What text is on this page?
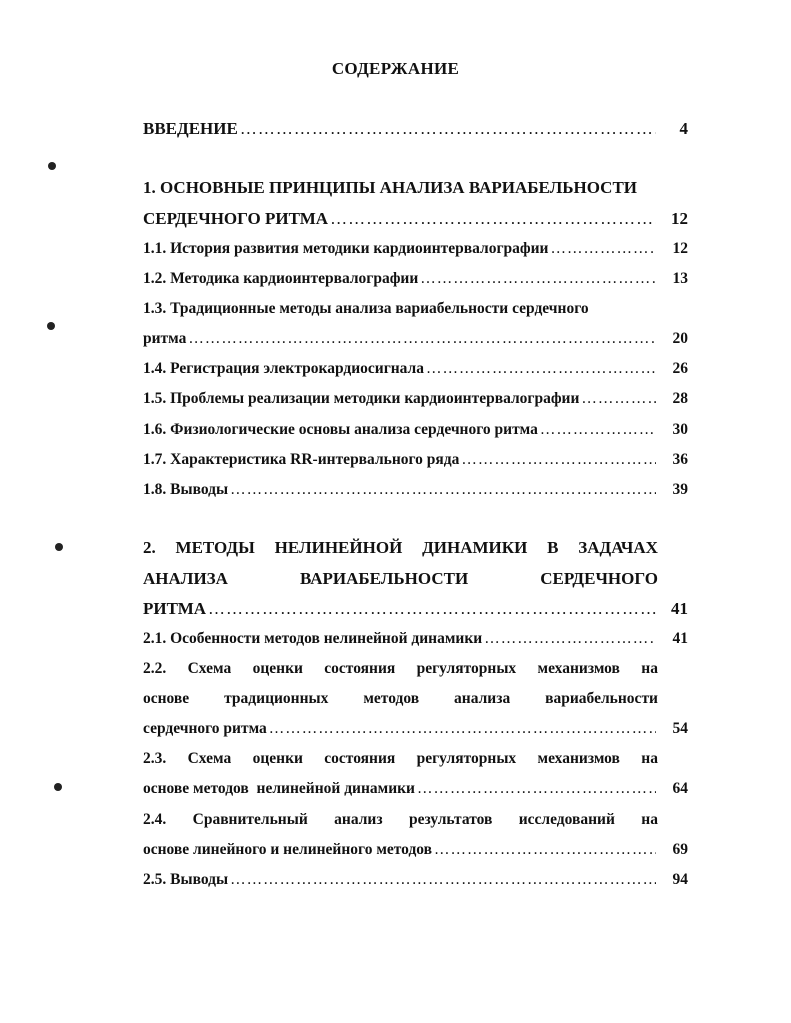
СОДЕРЖАНИЕ
ВВЕДЕНИЕ ………………………………………………………………………………………………………………………………………………………………	4
1. ОСНОВНЫЕ ПРИНЦИПЫ АНАЛИЗА ВАРИАБЕЛЬНОСТИ
СЕРДЕЧНОГО РИТМА ………………………………………………………………………………………………………………………………………………………………	12
1.1. История развития методики кардиоинтервалографии ………………………………………………………………………………………………………………………………………………………………	12
1.2. Методика кардиоинтервалографии ………………………………………………………………………………………………………………………………………………………………	13
1.3. Традиционные методы анализа вариабельности сердечного
ритма ………………………………………………………………………………………………………………………………………………………………	20
1.4. Регистрация электрокардиосигнала ………………………………………………………………………………………………………………………………………………………………	26
1.5. Проблемы реализации методики кардиоинтервалографии ………………………………………………………………………………………………………………………………………………………………	28
1.6. Физиологические основы анализа сердечного ритма ………………………………………………………………………………………………………………………………………………………………	30
1.7. Характеристика RR-интервального ряда ………………………………………………………………………………………………………………………………………………………………	36
1.8. Выводы ………………………………………………………………………………………………………………………………………………………………	39
2. МЕТОДЫ НЕЛИНЕЙНОЙ ДИНАМИКИ В ЗАДАЧАХ
АНАЛИЗА	ВАРИАБЕЛЬНОСТИ	СЕРДЕЧНОГО
РИТМА ………………………………………………………………………………………………………………………………………………………………	41
2.1. Особенности методов нелинейной динамики ………………………………………………………………………………………………………………………………………………………………	41
2.2. Схема оценки состояния регуляторных механизмов на
основе традиционных методов анализа вариабельности
сердечного ритма ………………………………………………………………………………………………………………………………………………………………	54
2.3. Схема оценки состояния регуляторных механизмов на
основе методов  нелинейной динамики ………………………………………………………………………………………………………………………………………………………………	64
2.4. Сравнительный анализ результатов исследований на
основе линейного и нелинейного методов ………………………………………………………………………………………………………………………………………………………………	69
2.5. Выводы ………………………………………………………………………………………………………………………………………………………………	94
